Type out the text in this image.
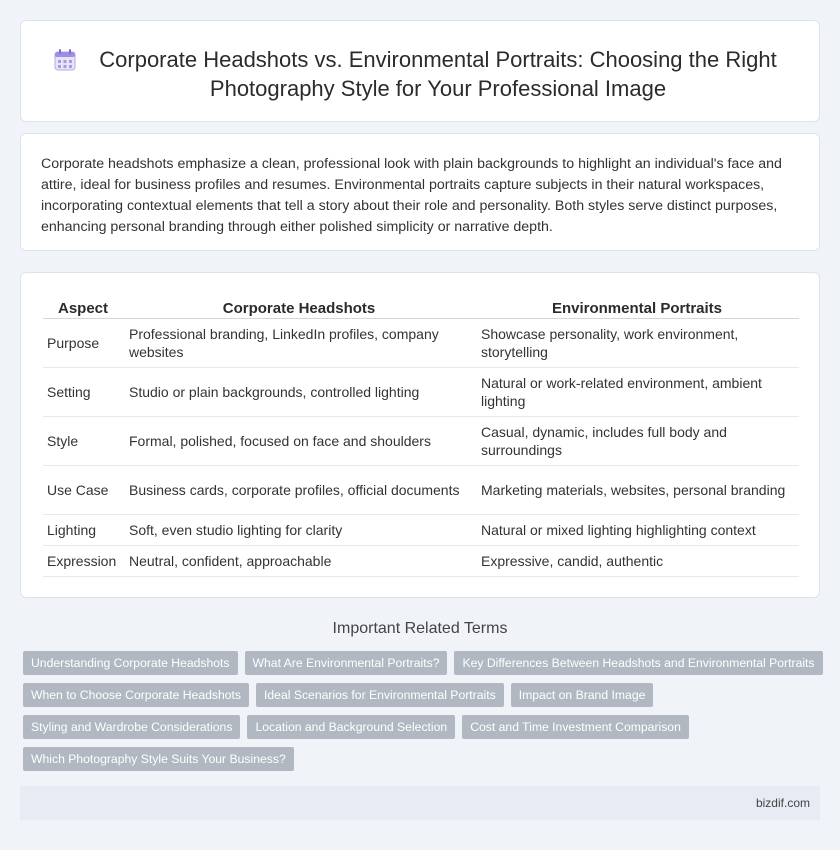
Corporate Headshots vs. Environmental Portraits: Choosing the Right Photography Style for Your Professional Image

Corporate headshots emphasize a clean, professional look with plain backgrounds to highlight an individual's face and attire, ideal for business profiles and resumes. Environmental portraits capture subjects in their natural workspaces, incorporating contextual elements that tell a story about their role and personality. Both styles serve distinct purposes, enhancing personal branding through either polished simplicity or narrative depth.

Aspect	Corporate Headshots	Environmental Portraits
Purpose	Professional branding, LinkedIn profiles, company websites	Showcase personality, work environment, storytelling
Setting	Studio or plain backgrounds, controlled lighting	Natural or work-related environment, ambient lighting
Style	Formal, polished, focused on face and shoulders	Casual, dynamic, includes full body and surroundings
Use Case	Business cards, corporate profiles, official documents	Marketing materials, websites, personal branding
Lighting	Soft, even studio lighting for clarity	Natural or mixed lighting highlighting context
Expression	Neutral, confident, approachable	Expressive, candid, authentic
Important Related Terms
Understanding Corporate Headshots	What Are Environmental Portraits?	Key Differences Between Headshots and Environmental Portraits
When to Choose Corporate Headshots	Ideal Scenarios for Environmental Portraits	Impact on Brand Image
Styling and Wardrobe Considerations	Location and Background Selection	Cost and Time Investment Comparison
Which Photography Style Suits Your Business?
bizdif.com
